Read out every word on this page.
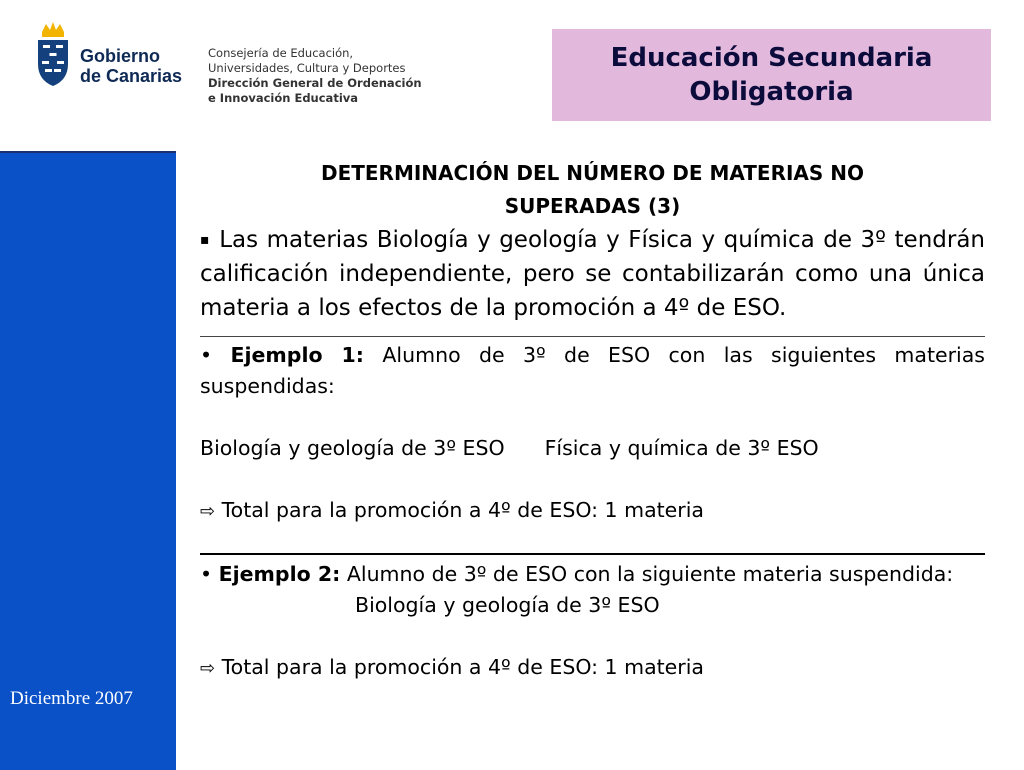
Gobierno
de Canarias
Consejería de Educación,
Universidades, Cultura y Deportes
Dirección General de Ordenación
e Innovación Educativa
Educación Secundaria
Obligatoria
Diciembre 2007
DETERMINACIÓN DEL NÚMERO DE MATERIAS NO
SUPERADAS (3)
▪ Las materias Biología y geología y Física y química de 3º tendrán calificación independiente, pero se contabilizarán como una única materia a los efectos de la promoción a 4º de ESO.
• Ejemplo 1: Alumno de 3º de ESO con las siguientes materias suspendidas:
Biología y geología de 3º ESO Física y química de 3º ESO
⇨ Total para la promoción a 4º de ESO: 1 materia
• Ejemplo 2: Alumno de 3º de ESO con la siguiente materia suspendida:
Biología y geología de 3º ESO
⇨ Total para la promoción a 4º de ESO: 1 materia
